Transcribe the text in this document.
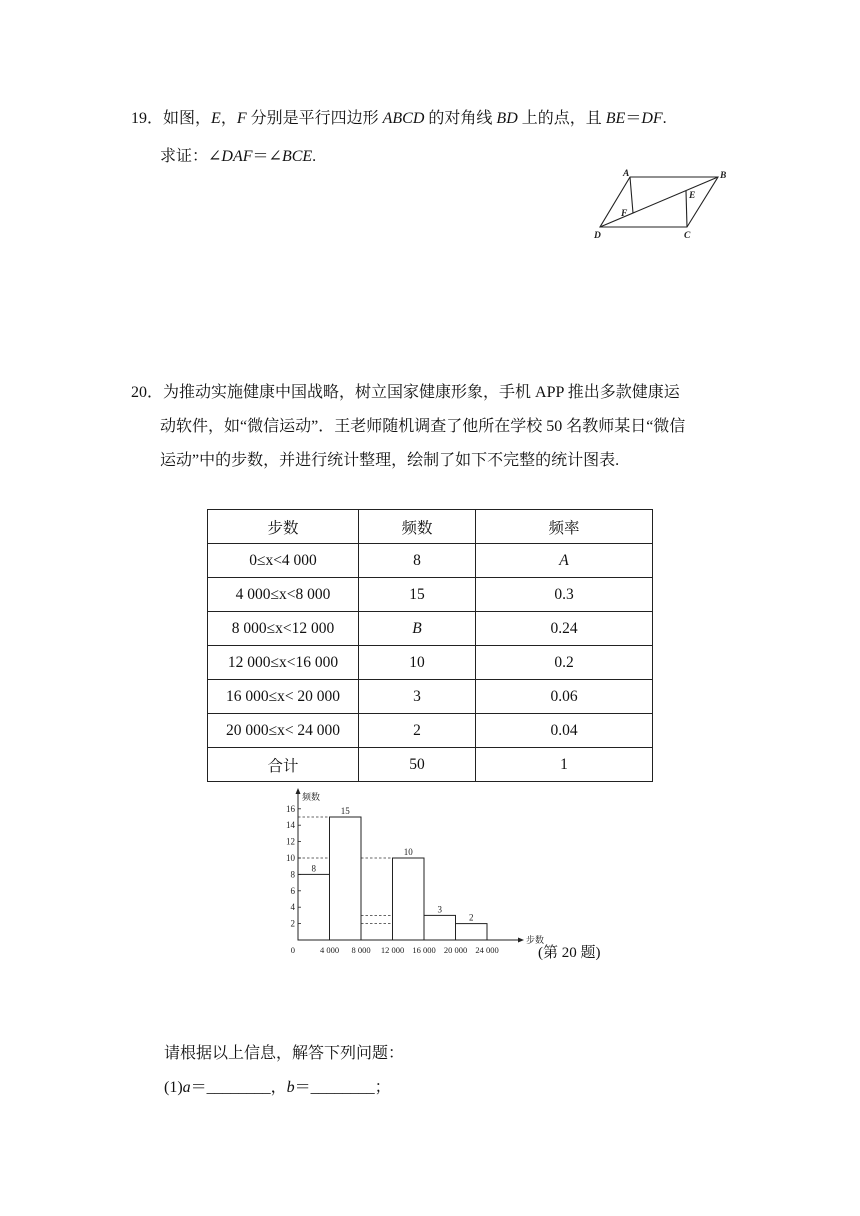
19．如图，E，F 分别是平行四边形 ABCD 的对角线 BD 上的点，且 BE＝DF.
求证：∠DAF＝∠BCE.
A	B
C
D
E
F
20．为推动实施健康中国战略，树立国家健康形象，手机 APP 推出多款健康运
动软件，如“微信运动”．王老师随机调查了他所在学校 50 名教师某日“微信
运动”中的步数，并进行统计整理，绘制了如下不完整的统计图表.
步数	频数	频率
0≤x<4 000	8	A
4 000≤x<8 000	15	0.3
8 000≤x<12 000	B	0.24
12 000≤x<16 000	10	0.2
16 000≤x< 20 000	3	0.06
20 000≤x< 24 000	2	0.04
合计	50	1
8
15
10
3
2
2
4
6
8
10
12
14
16
0	4 000 8 000 12 000 16 000 20 000 24 000
频数
步数
(第 20 题)
请根据以上信息，解答下列问题：
(1)a＝________，b＝________；
